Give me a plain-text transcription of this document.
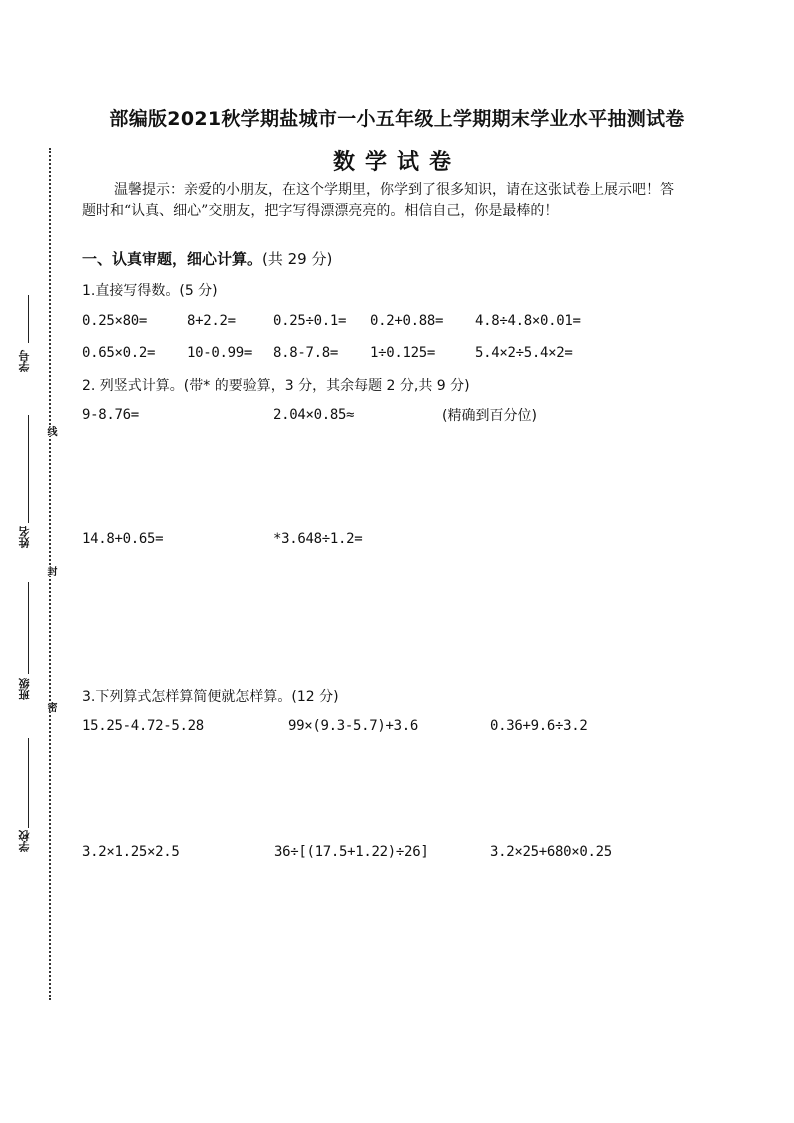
学号
姓名
班级
学校
线
封
密
部编版2021秋学期盐城市一小五年级上学期期末学业水平抽测试卷
数学试卷
温馨提示：亲爱的小朋友，在这个学期里，你学到了很多知识，请在这张试卷上展示吧！答题时和“认真、细心”交朋友，把字写得漂漂亮亮的。相信自己，你是最棒的！
一、认真审题，细心计算。(共 29 分)
1.直接写得数。(5 分)
0.25×80=	8+2.2=	0.25÷0.1= 0.2+0.88= 4.8÷4.8×0.01=
0.65×0.2= 10-0.99= 8.8-7.8= 1÷0.125=	5.4×2÷5.4×2=
2. 列竖式计算。(带* 的要验算，3 分，其余每题 2 分,共 9 分)
9-8.76=	2.04×0.85≈	(精确到百分位)
14.8+0.65=	*3.648÷1.2=
3.下列算式怎样算简便就怎样算。(12 分)
15.25-4.72-5.28	99×(9.3-5.7)+3.6	0.36+9.6÷3.2
3.2×1.25×2.5	36÷[(17.5+1.22)÷26]	3.2×25+680×0.25
